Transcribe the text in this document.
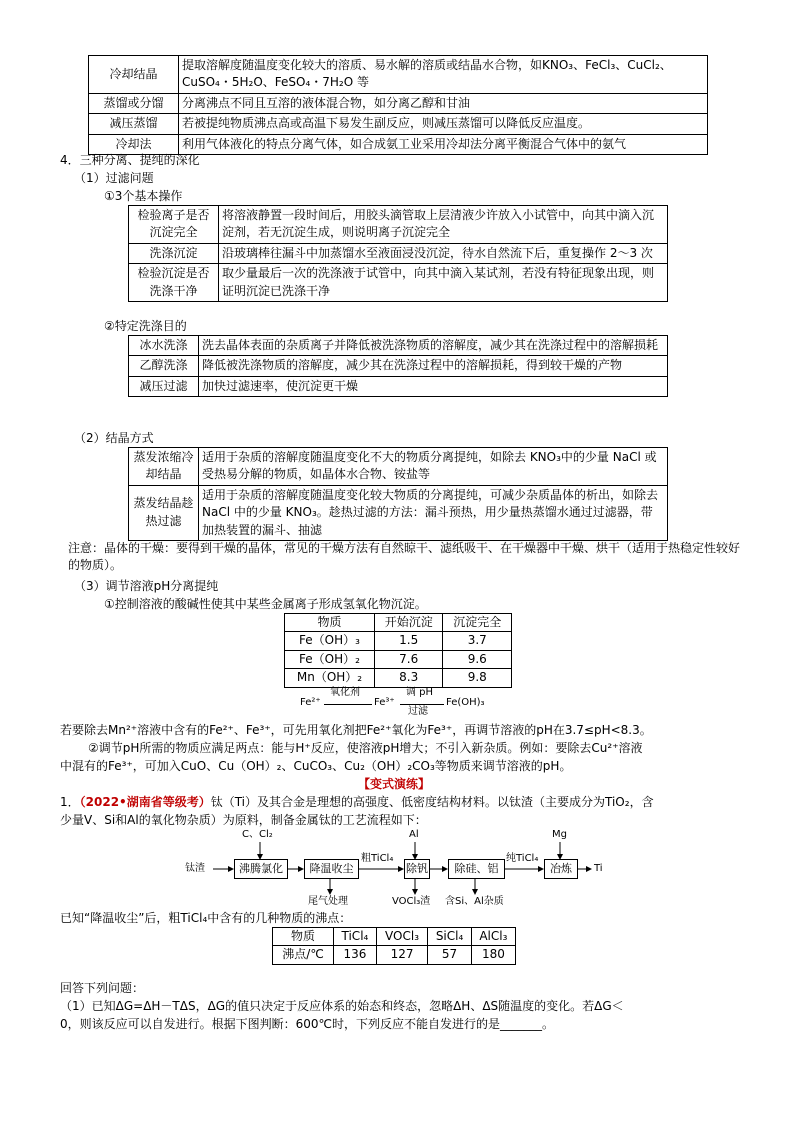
冷却结晶	提取溶解度随温度变化较大的溶质、易水解的溶质或结晶水合物，如KNO₃、FeCl₃、CuCl₂、CuSO₄・5H₂O、FeSO₄・7H₂O 等
蒸馏或分馏	分离沸点不同且互溶的液体混合物，如分离乙醇和甘油
减压蒸馏	若被提纯物质沸点高或高温下易发生副反应，则减压蒸馏可以降低反应温度。
冷却法	利用气体液化的特点分离气体，如合成氨工业采用冷却法分离平衡混合气体中的氨气
4．三种分离、提纯的深化
（1）过滤问题
①3个基本操作
检验离子是否沉淀完全	将溶液静置一段时间后，用胶头滴管取上层清液少许放入小试管中，向其中滴入沉淀剂，若无沉淀生成，则说明离子沉淀完全
洗涤沉淀	沿玻璃棒往漏斗中加蒸馏水至液面浸没沉淀，待水自然流下后，重复操作 2～3 次
检验沉淀是否洗涤干净	取少量最后一次的洗涤液于试管中，向其中滴入某试剂，若没有特征现象出现，则证明沉淀已洗涤干净
②特定洗涤目的
冰水洗涤	洗去晶体表面的杂质离子并降低被洗涤物质的溶解度，减少其在洗涤过程中的溶解损耗
乙醇洗涤	降低被洗涤物质的溶解度，减少其在洗涤过程中的溶解损耗，得到较干燥的产物
减压过滤	加快过滤速率，使沉淀更干燥
（2）结晶方式
蒸发浓缩冷却结晶	适用于杂质的溶解度随温度变化不大的物质分离提纯，如除去 KNO₃中的少量 NaCl 或受热易分解的物质，如晶体水合物、铵盐等
蒸发结晶趁热过滤	适用于杂质的溶解度随温度变化较大物质的分离提纯，可减少杂质晶体的析出，如除去 NaCl 中的少量 KNO₃。趁热过滤的方法：漏斗预热，用少量热蒸馏水通过过滤器，带加热装置的漏斗、抽滤
注意：晶体的干燥：要得到干燥的晶体，常见的干燥方法有自然晾干、滤纸吸干、在干燥器中干燥、烘干（适用于热稳定性较好的物质）。
（3）调节溶液pH分离提纯
①控制溶液的酸碱性使其中某些金属离子形成氢氧化物沉淀。
物质	开始沉淀	沉淀完全
Fe（OH）₃	1.5	3.7
Fe（OH）₂	7.6	9.6
Mn（OH）₂	8.3	9.8
Fe²⁺
氧化剂
Fe³⁺
调 pH
过滤
Fe(OH)₃
若要除去Mn²⁺溶液中含有的Fe²⁺、Fe³⁺，可先用氧化剂把Fe²⁺氧化为Fe³⁺，再调节溶液的pH在3.7≤pH<8.3。
②调节pH所需的物质应满足两点：能与H⁺反应，使溶液pH增大；不引入新杂质。例如：要除去Cu²⁺溶液
中混有的Fe³⁺，可加入CuO、Cu（OH）₂、CuCO₃、Cu₂（OH）₂CO₃等物质来调节溶液的pH。
【变式演练】
1．（2022•湖南省等级考）钛（Ti）及其合金是理想的高强度、低密度结构材料。以钛渣（主要成分为TiO₂，含
少量V、Si和Al的氧化物杂质）为原料，制备金属钛的工艺流程如下：
钛渣	沸腾氯化	降温收尘	除钒	除硅、铝	冶炼	Ti
C、Cl₂	Al	Mg
粗TiCl₄	纯TiCl₄
尾气处理	VOCl₃渣 含Si、Al杂质
已知“降温收尘”后，粗TiCl₄中含有的几种物质的沸点：
物质	TiCl₄	VOCl₃	SiCl₄	AlCl₃
沸点/℃	136	127	57	180
回答下列问题：
（1）已知ΔG=ΔH－TΔS，ΔG的值只决定于反应体系的始态和终态，忽略ΔH、ΔS随温度的变化。若ΔG＜
0，则该反应可以自发进行。根据下图判断：600℃时，下列反应不能自发进行的是_______。
